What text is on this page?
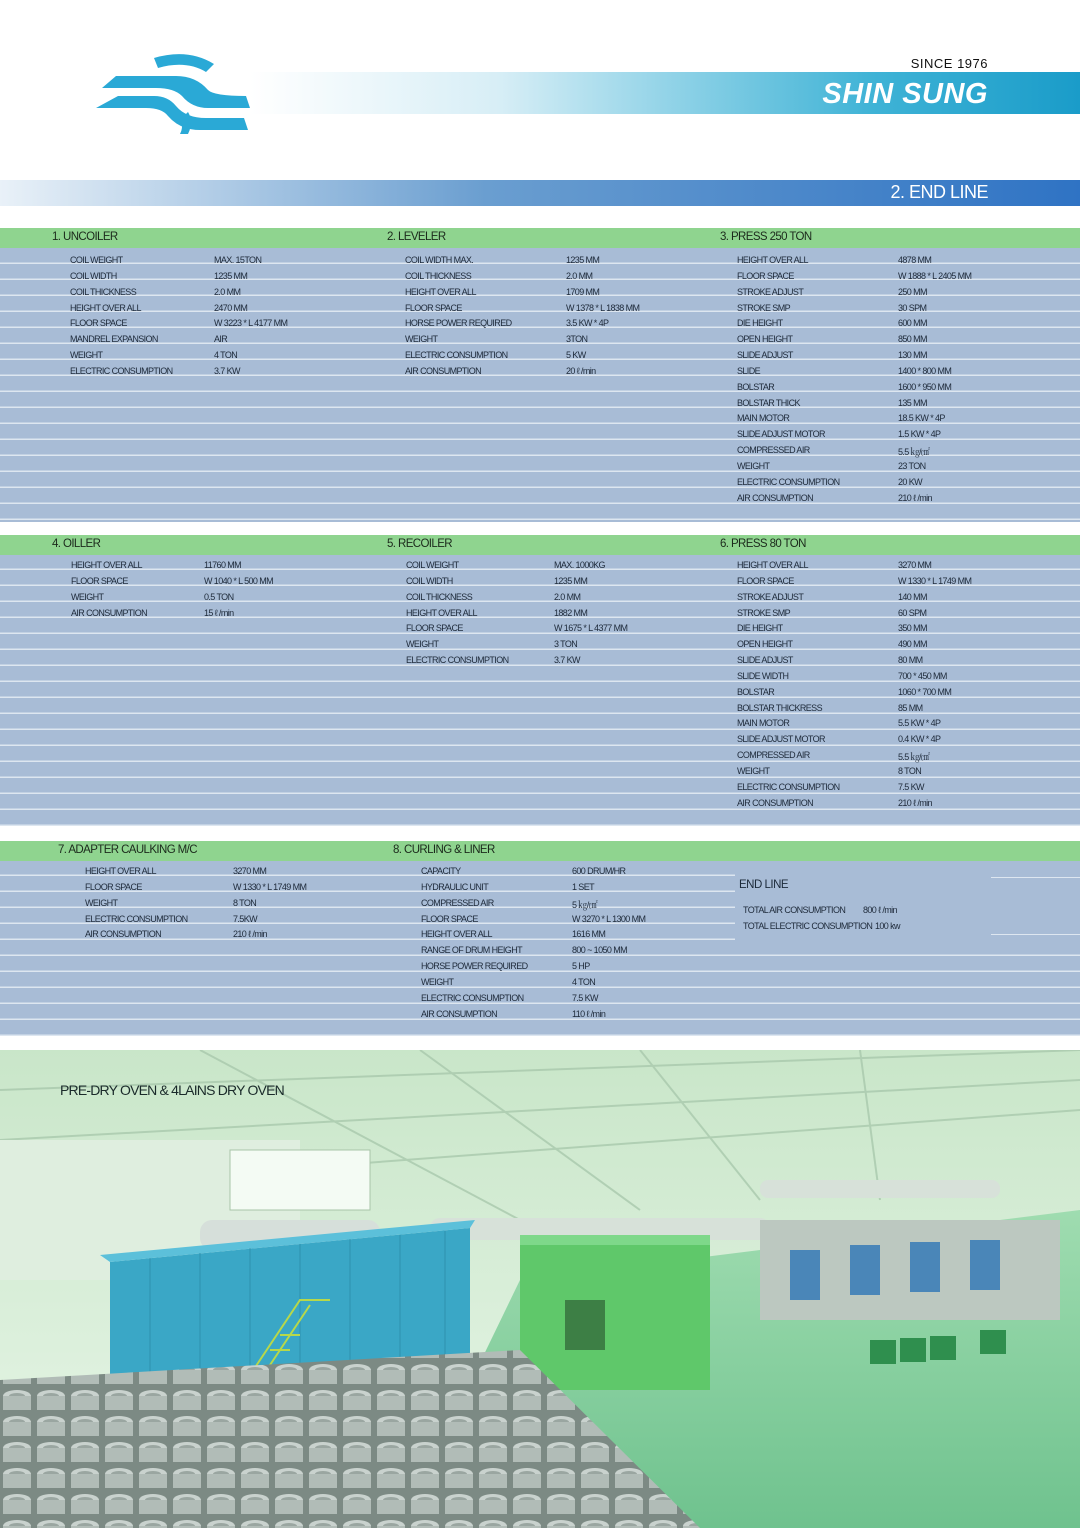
SINCE 1976
SHIN SUNG
2. END LINE
1. UNCOILER	2. LEVELER	3. PRESS 250 TON
COIL WEIGHT	MAX. 15TON
COIL WIDTH	1235 MM
COIL THICKNESS	2.0 MM
HEIGHT OVER ALL	2470 MM
FLOOR SPACE	W 3223 * L 4177 MM
MANDREL EXPANSION	AIR
WEIGHT	4 TON
ELECTRIC CONSUMPTION	3.7 KW
COIL WIDTH MAX.	1235 MM
COIL THICKNESS	2.0 MM
HEIGHT OVER ALL	1709 MM
FLOOR SPACE	W 1378 * L 1838 MM
HORSE POWER REQUIRED	3.5 KW * 4P
WEIGHT	3TON
ELECTRIC CONSUMPTION	5 KW
AIR CONSUMPTION	20 ℓ /min
HEIGHT OVER ALL	4878 MM
FLOOR SPACE	W 1888 * L 2405 MM
STROKE ADJUST	250 MM
STROKE SMP	30 SPM
DIE HEIGHT	600 MM
OPEN HEIGHT	850 MM
SLIDE ADJUST	130 MM
SLIDE	1400 * 800 MM
BOLSTAR	1600 * 950 MM
BOLSTAR THICK	135 MM
MAIN MOTOR	18.5 KW * 4P
SLIDE ADJUST MOTOR	1.5 KW * 4P
COMPRESSED AIR	5.5 ㎏/㎠
WEIGHT	23 TON
ELECTRIC CONSUMPTION	20 KW
AIR CONSUMPTION	210 ℓ /min
4. OILLER	5. RECOILER	6. PRESS 80 TON
HEIGHT OVER ALL	11760 MM
FLOOR SPACE	W 1040 * L 500 MM
WEIGHT	0.5 TON
AIR CONSUMPTION	15 ℓ /min
COIL WEIGHT	MAX. 1000KG
COIL WIDTH	1235 MM
COIL THICKNESS	2.0 MM
HEIGHT OVER ALL	1882 MM
FLOOR SPACE	W 1675 * L 4377 MM
WEIGHT	3 TON
ELECTRIC CONSUMPTION	3.7 KW
HEIGHT OVER ALL	3270 MM
FLOOR SPACE	W 1330 * L 1749 MM
STROKE ADJUST	140 MM
STROKE SMP	60 SPM
DIE HEIGHT	350 MM
OPEN HEIGHT	490 MM
SLIDE ADJUST	80 MM
SLIDE WIDTH	700 * 450 MM
BOLSTAR	1060 * 700 MM
BOLSTAR THICKRESS	85 MM
MAIN MOTOR	5.5 KW * 4P
SLIDE ADJUST MOTOR	0.4 KW * 4P
COMPRESSED AIR	5.5 ㎏/㎠
WEIGHT	8 TON
ELECTRIC CONSUMPTION	7.5 KW
AIR CONSUMPTION	210 ℓ /min
7. ADAPTER CAULKING M/C	8. CURLING & LINER
HEIGHT OVER ALL	3270 MM
FLOOR SPACE	W 1330 * L 1749 MM
WEIGHT	8 TON
ELECTRIC CONSUMPTION	7.5KW
AIR CONSUMPTION	210 ℓ /min
CAPACITY	600 DRUM/HR
HYDRAULIC UNIT	1 SET
COMPRESSED AIR	5 ㎏/㎠
FLOOR SPACE	W 3270 * L 1300 MM
HEIGHT OVER ALL	1616 MM
RANGE OF DRUM HEIGHT	800 ~ 1050 MM
HORSE POWER REQUIRED	5 HP
WEIGHT	4 TON
ELECTRIC CONSUMPTION	7.5 KW
AIR CONSUMPTION	110 ℓ /min
END LINE
TOTAL AIR CONSUMPTION 800 ℓ /min
TOTAL ELECTRIC CONSUMPTION 100 kw
PRE-DRY OVEN & 4LAINS DRY OVEN
